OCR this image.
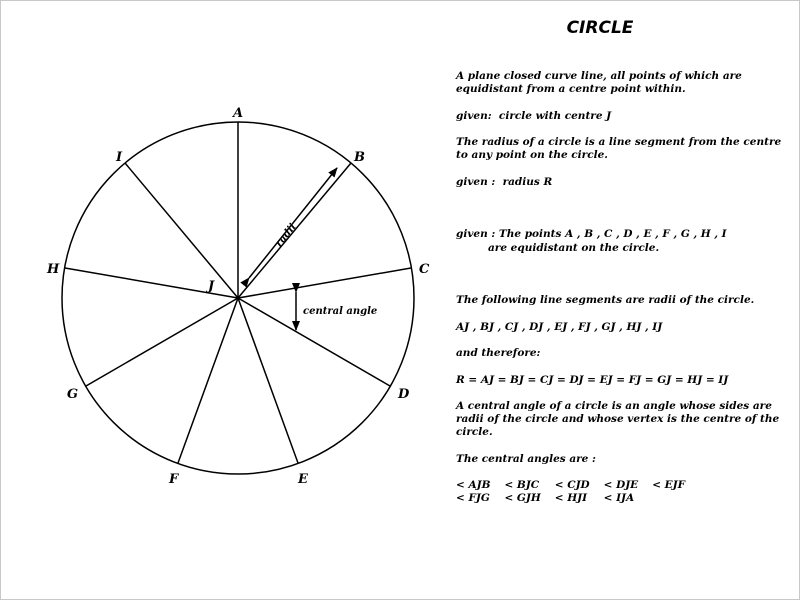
radii
central angle
A
B
C
D
E
F
G
H
I
J
CIRCLE

A plane closed curve line, all points of which are equidistant from a centre point within.

given:  circle with centre J

The radius of a circle is a line segment from the centre to any point on the circle.

given :  radius R

given : The points A , B , C , D , E , F , G , H , I
are equidistant on the circle.

The following line segments are radii of the circle.

AJ , BJ , CJ , DJ , EJ , FJ , GJ , HJ , IJ

and therefore:

R = AJ = BJ = CJ = DJ = EJ = FJ = GJ = HJ = IJ

A central angle of a circle is an angle whose sides are radii of the circle and whose vertex is the centre of the circle.

The central angles are :

< AJB < BJC < CJD < DJE < EJF
< FJG < GJH < HJI < IJA
